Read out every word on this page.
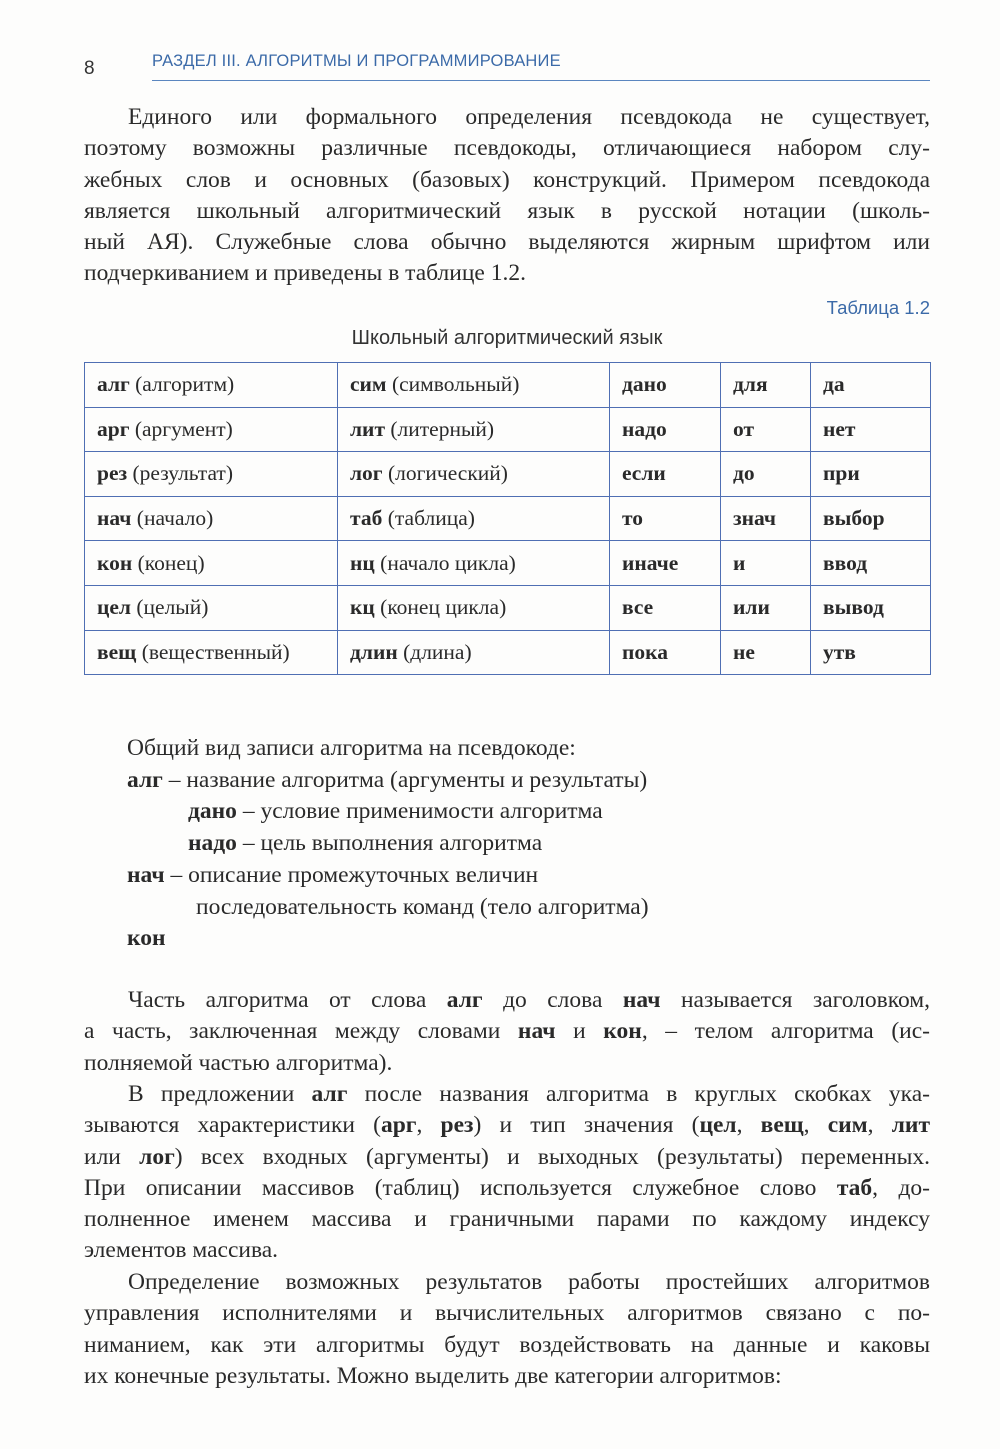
8	РАЗДЕЛ III. АЛГОРИТМЫ И ПРОГРАММИРОВАНИЕ
Единого или формального определения псевдокода не существует,
поэтому возможны различные псевдокоды, отличающиеся набором слу-
жебных слов и основных (базовых) конструкций. Примером псевдокода
является школьный алгоритмический язык в русской нотации (школь-
ный АЯ). Служебные слова обычно выделяются жирным шрифтом или
подчеркиванием и приведены в таблице 1.2.
Таблица 1.2
Школьный алгоритмический язык
алг (алгоритм)	сим (символьный)	дано	для	да
арг (аргумент)	лит (литерный)	надо	от	нет
рез (результат)	лог (логический)	если	до	при
нач (начало)	таб (таблица)	то	знач	выбор
кон (конец)	нц (начало цикла)	иначе	и	ввод
цел (целый)	кц (конец цикла)	все	или	вывод
вещ (вещественный)	длин (длина)	пока	не	утв
Общий вид записи алгоритма на псевдокоде:
алг – название алгоритма (аргументы и результаты)
дано – условие применимости алгоритма
надо – цель выполнения алгоритма
нач – описание промежуточных величин
последовательность команд (тело алгоритма)
кон
Часть алгоритма от слова алг до слова нач называется заголовком,
а часть, заключенная между словами нач и кон, – телом алгоритма (ис-
полняемой частью алгоритма).
В предложении алг после названия алгоритма в круглых скобках ука-
зываются характеристики (арг, рез) и тип значения (цел, вещ, сим, лит
или лог) всех входных (аргументы) и выходных (результаты) переменных.
При описании массивов (таблиц) используется служебное слово таб, до-
полненное именем массива и граничными парами по каждому индексу
элементов массива.
Определение возможных результатов работы простейших алгоритмов
управления исполнителями и вычислительных алгоритмов связано с по-
ниманием, как эти алгоритмы будут воздействовать на данные и каковы
их конечные результаты. Можно выделить две категории алгоритмов:
